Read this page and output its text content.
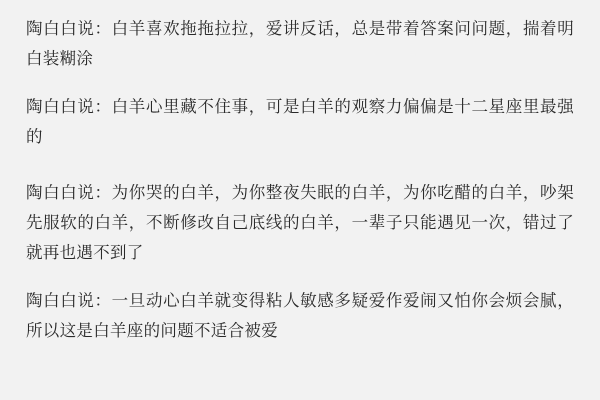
陶白白说：白羊喜欢拖拖拉拉，爱讲反话，总是带着答案问问题，揣着明白装糊涂

陶白白说：白羊心里藏不住事，可是白羊的观察力偏偏是十二星座里最强的

陶白白说：为你哭的白羊，为你整夜失眠的白羊，为你吃醋的白羊，吵架先服软的白羊，不断修改自己底线的白羊，一辈子只能遇见一次，错过了就再也遇不到了

陶白白说：一旦动心白羊就变得粘人敏感多疑爱作爱闹又怕你会烦会腻，所以这是白羊座的问题不适合被爱
